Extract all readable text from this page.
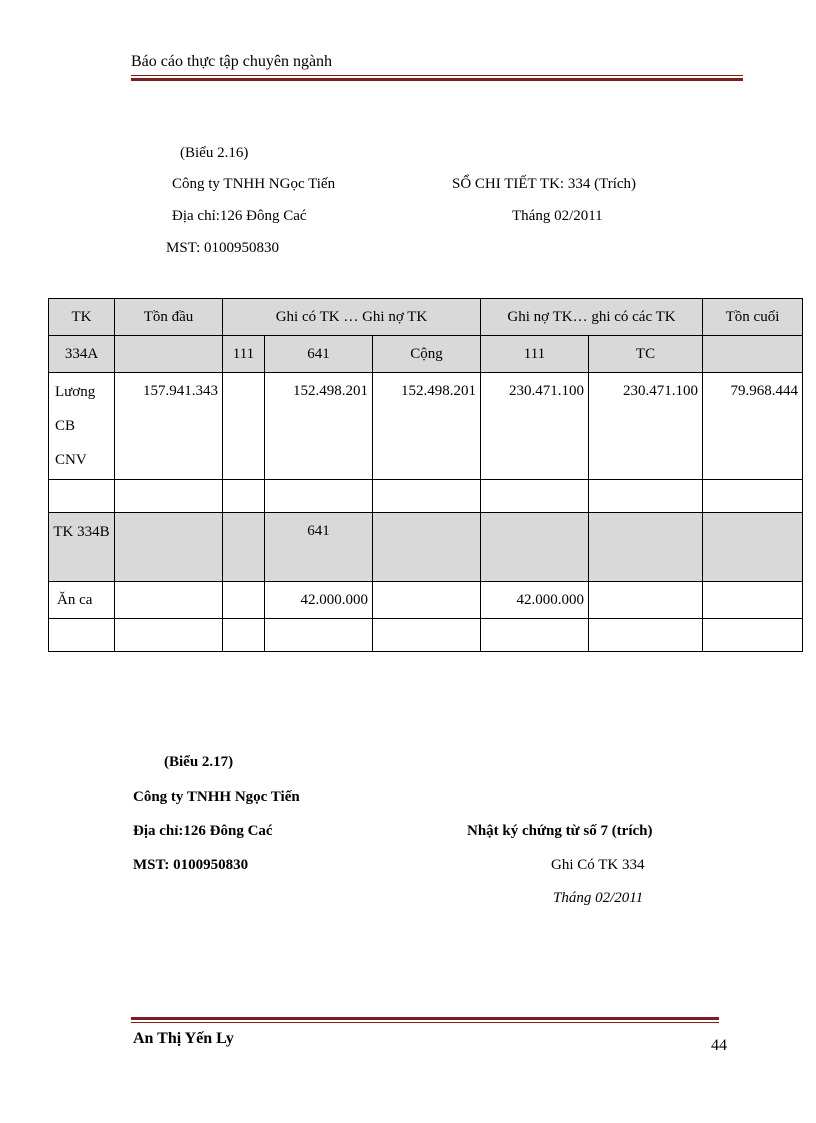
Báo cáo thực tập chuyên ngành
(Biểu 2.16)
Công ty TNHH NGọc Tiến	SỔ CHI TIẾT TK: 334 (Trích)
Địa chỉ:126 Đông Cać	Tháng 02/2011
MST: 0100950830
TK	Tồn đầu	Ghi có TK … Ghi nợ TK			Ghi nợ TK… ghi có các TK		Tồn cuối
334A		111	641	Cộng	111	TC	
Lương CB CNV	157.941.343		152.498.201	152.498.201	230.471.100	230.471.100	79.968.444

TK 334B			641				
Ăn ca			42.000.000		42.000.000		

(Biểu 2.17)
Công ty TNHH Ngọc Tiến
Địa chỉ:126 Đông Cać	Nhật ký chứng từ số 7 (trích)
MST: 0100950830	Ghi Có TK 334
Tháng 02/2011
An Thị Yến Ly	44
